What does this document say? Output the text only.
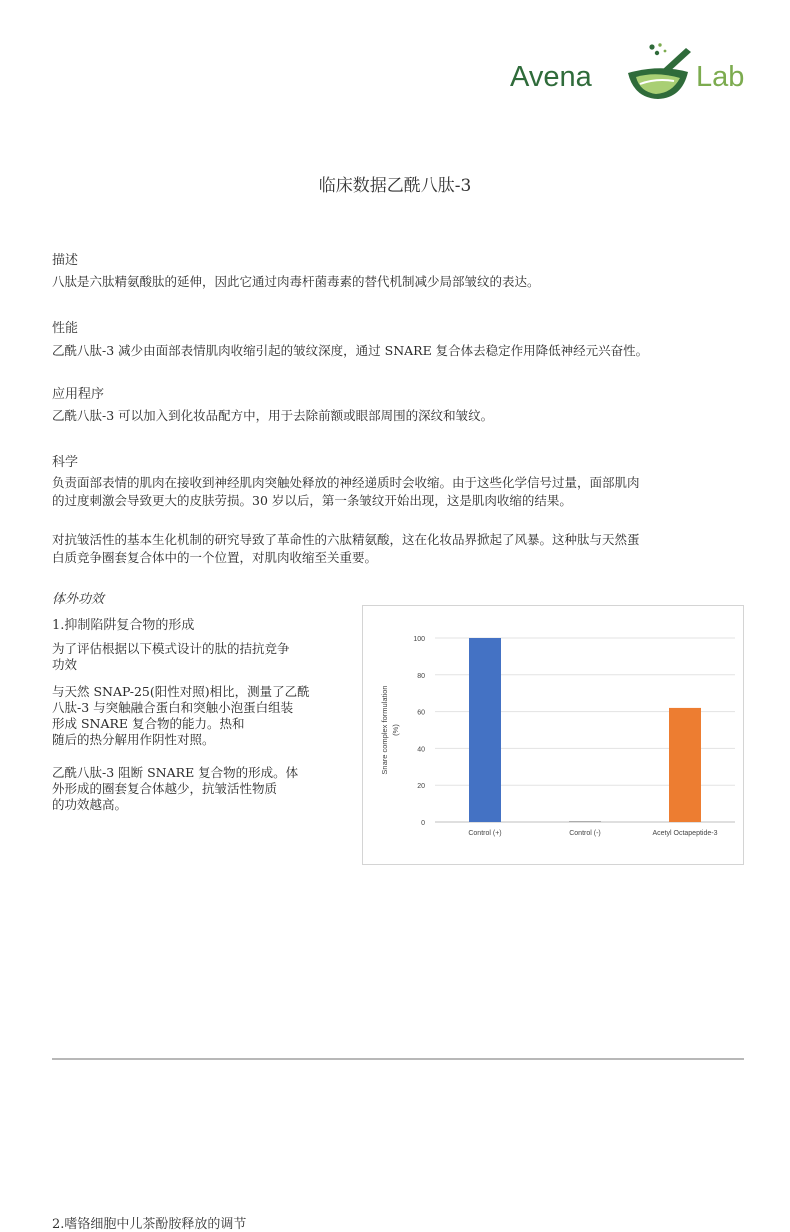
Avena	Lab
临床数据乙酰八肽-3
描述
八肽是六肽精氨酸肽的延伸，因此它通过肉毒杆菌毒素的替代机制减少局部皱纹的表达。
性能
乙酰八肽-3 减少由面部表情肌肉收缩引起的皱纹深度，通过 SNARE 复合体去稳定作用降低神经元兴奋性。
应用程序
乙酰八肽-3 可以加入到化妆品配方中，用于去除前额或眼部周围的深纹和皱纹。
科学
负责面部表情的肌肉在接收到神经肌肉突触处释放的神经递质时会收缩。由于这些化学信号过量，面部肌肉
的过度刺激会导致更大的皮肤劳损。30 岁以后，第一条皱纹开始出现，这是肌肉收缩的结果。
对抗皱活性的基本生化机制的研究导致了革命性的六肽精氨酸，这在化妆品界掀起了风暴。这种肽与天然蛋
白质竞争圈套复合体中的一个位置，对肌肉收缩至关重要。
体外功效
1.抑制陷阱复合物的形成
为了评估根据以下模式设计的肽的拮抗竞争
功效
与天然 SNAP-25(阳性对照)相比，测量了乙酰
八肽-3 与突触融合蛋白和突触小泡蛋白组装
形成 SNARE 复合物的能力。热和
随后的热分解用作阴性对照。
乙酰八肽-3 阻断 SNARE 复合物的形成。体
外形成的圈套复合体越少，抗皱活性物质
的功效越高。
0
20
40
60
80
100
Control (+)	Control (-)	Acetyl Octapeptide-3
Snare complex formulation (%)
2.嗜铬细胞中儿茶酚胺释放的调节
